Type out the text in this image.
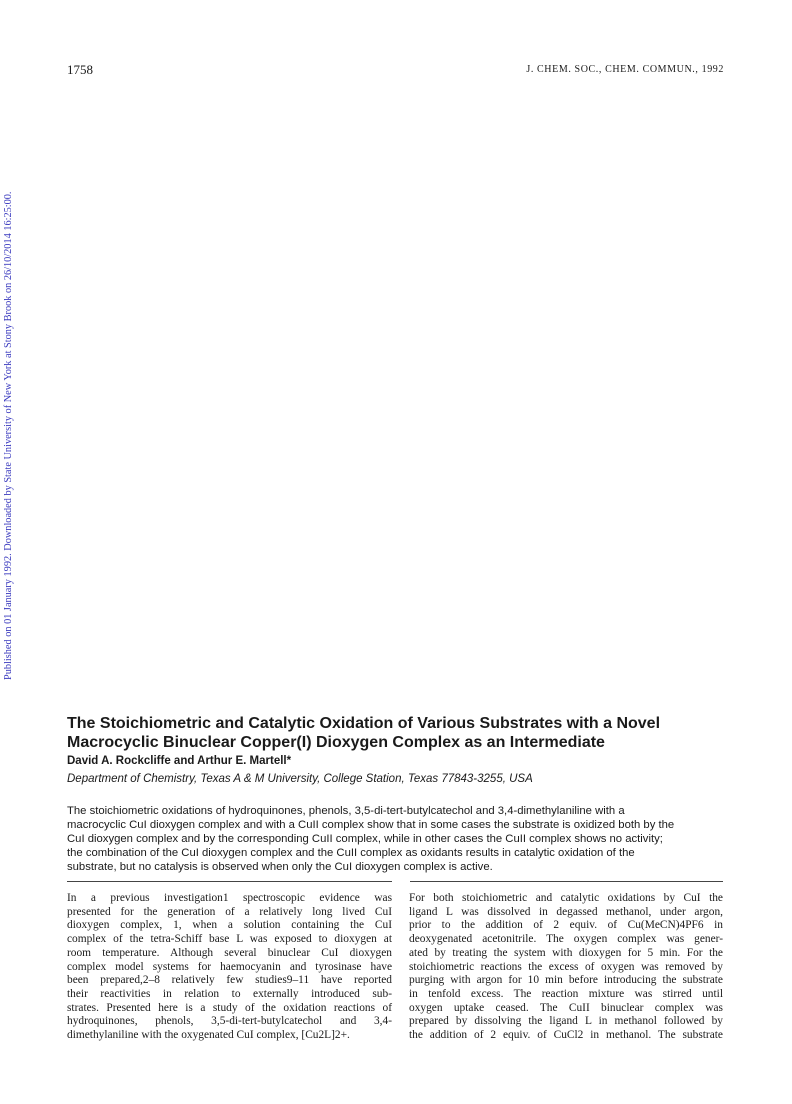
1758	J. CHEM. SOC., CHEM. COMMUN., 1992
Published on 01 January 1992. Downloaded by State University of New York at Stony Brook on 26/10/2014 16:25:00.
The Stoichiometric and Catalytic Oxidation of Various Substrates with a Novel
Macrocyclic Binuclear Copper(I) Dioxygen Complex as an Intermediate
David A. Rockcliffe and Arthur E. Martell*
Department of Chemistry, Texas A & M University, College Station, Texas 77843-3255, USA
The stoichiometric oxidations of hydroquinones, phenols, 3,5-di-tert-butylcatechol and 3,4-dimethylaniline with a
macrocyclic CuI dioxygen complex and with a CuII complex show that in some cases the substrate is oxidized both by the
CuI dioxygen complex and by the corresponding CuII complex, while in other cases the CuII complex shows no activity;
the combination of the CuI dioxygen complex and the CuII complex as oxidants results in catalytic oxidation of the
substrate, but no catalysis is observed when only the CuI dioxygen complex is active.
In a previous investigation1 spectroscopic evidence was
presented for the generation of a relatively long lived CuI
dioxygen complex, 1, when a solution containing the CuI
complex of the tetra-Schiff base L was exposed to dioxygen at
room temperature. Although several binuclear CuI dioxygen
complex model systems for haemocyanin and tyrosinase have
been prepared,2–8 relatively few studies9–11 have reported
their reactivities in relation to externally introduced sub-
strates. Presented here is a study of the oxidation reactions of
hydroquinones, phenols, 3,5-di-tert-butylcatechol and 3,4-
dimethylaniline with the oxygenated CuI complex, [Cu2L]2+.
For both stoichiometric and catalytic oxidations by CuI the
ligand L was dissolved in degassed methanol, under argon,
prior to the addition of 2 equiv. of Cu(MeCN)4PF6 in
deoxygenated acetonitrile. The oxygen complex was gener-
ated by treating the system with dioxygen for 5 min. For the
stoichiometric reactions the excess of oxygen was removed by
purging with argon for 10 min before introducing the substrate
in tenfold excess. The reaction mixture was stirred until
oxygen uptake ceased. The CuII binuclear complex was
prepared by dissolving the ligand L in methanol followed by
the addition of 2 equiv. of CuCl2 in methanol. The substrate
